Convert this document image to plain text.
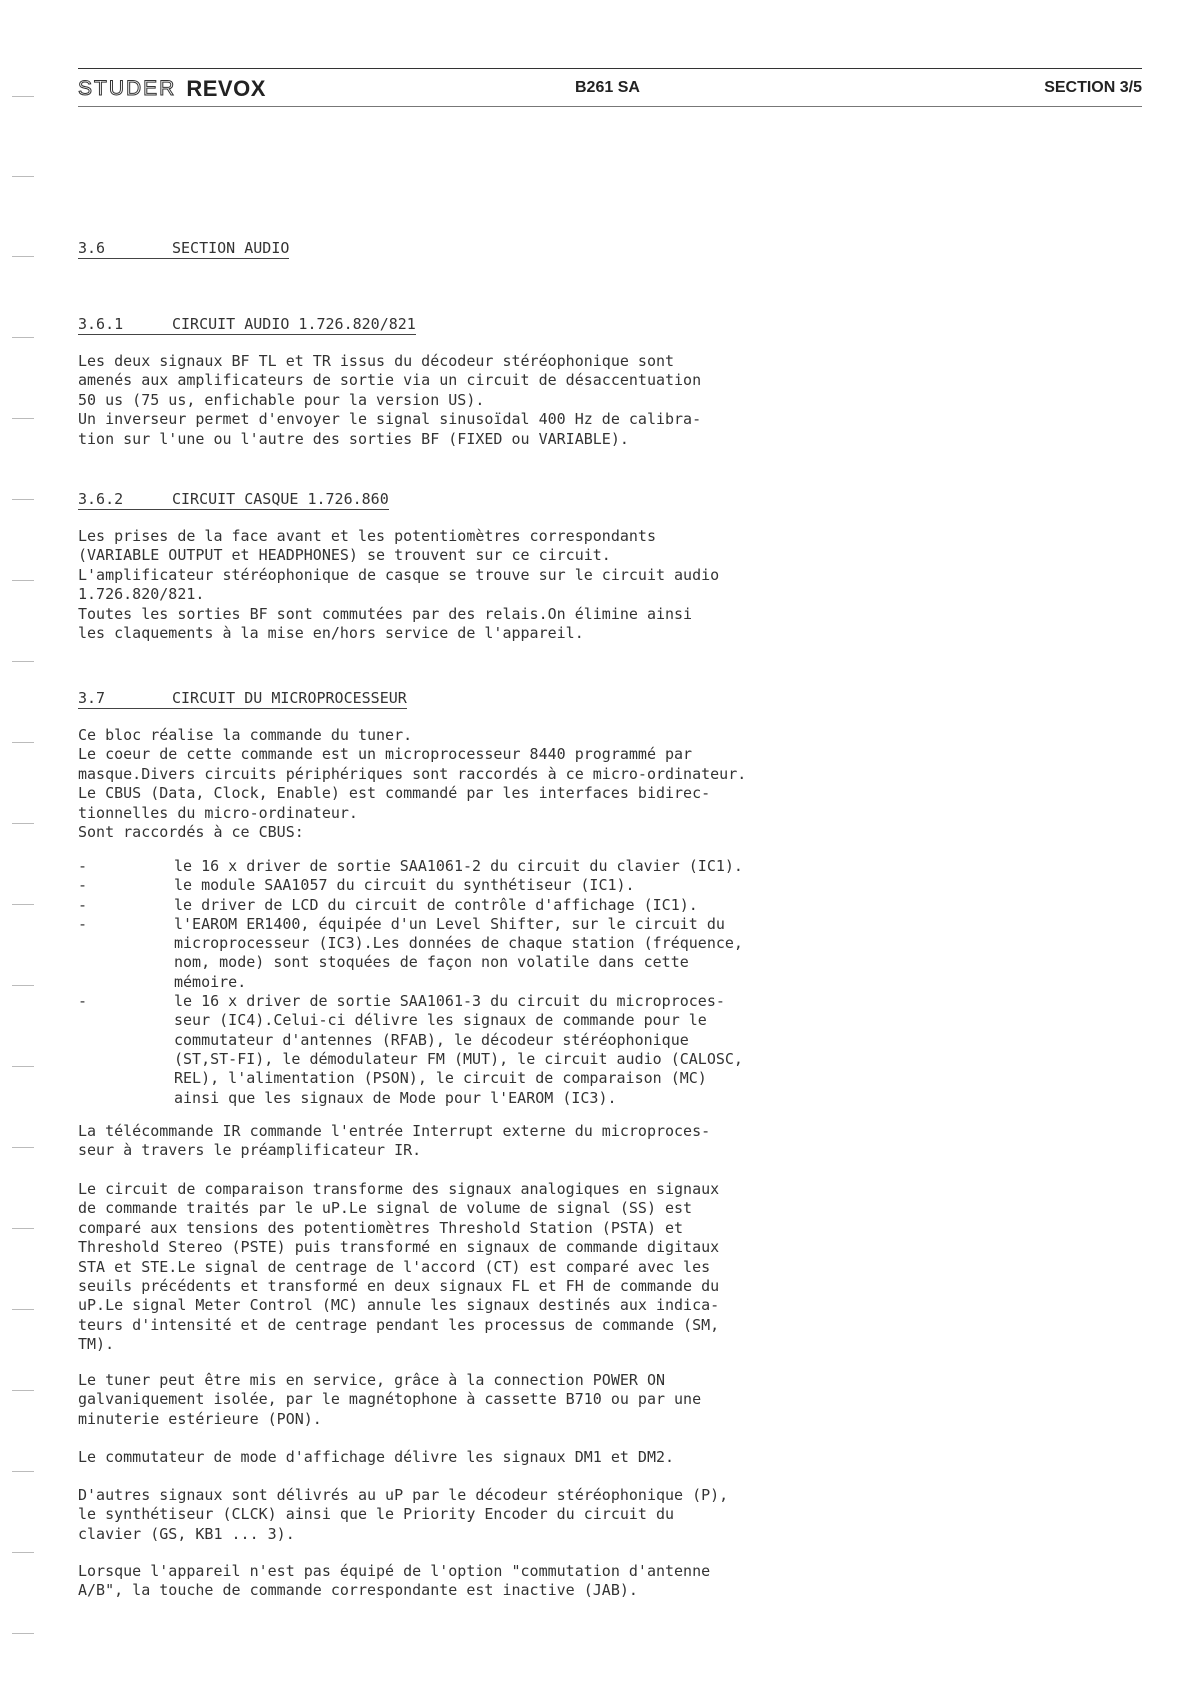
STUDER REVOX	B261 SA	SECTION 3/5
3.6	SECTION AUDIO
3.6.1	CIRCUIT AUDIO 1.726.820/821

Les deux signaux BF TL et TR issus du décodeur stéréophonique sont
amenés aux amplificateurs de sortie via un circuit de désaccentuation
50 us (75 us, enfichable pour la version US).
Un inverseur permet d'envoyer le signal sinusoïdal 400 Hz de calibra-
tion sur l'une ou l'autre des sorties BF (FIXED ou VARIABLE).

3.6.2	CIRCUIT CASQUE 1.726.860

Les prises de la face avant et les potentiomètres correspondants
(VARIABLE OUTPUT et HEADPHONES) se trouvent sur ce circuit.
L'amplificateur stéréophonique de casque se trouve sur le circuit audio
1.726.820/821.
Toutes les sorties BF sont commutées par des relais.On élimine ainsi
les claquements à la mise en/hors service de l'appareil.

3.7	CIRCUIT DU MICROPROCESSEUR

Ce bloc réalise la commande du tuner.
Le coeur de cette commande est un microprocesseur 8440 programmé par
masque.Divers circuits périphériques sont raccordés à ce micro-ordinateur.
Le CBUS (Data, Clock, Enable) est commandé par les interfaces bidirec-
tionnelles du micro-ordinateur.
Sont raccordés à ce CBUS:

-	le 16 x driver de sortie SAA1061-2 du circuit du clavier (IC1).
-	le module SAA1057 du circuit du synthétiseur (IC1).
-	le driver de LCD du circuit de contrôle d'affichage (IC1).
-	l'EAROM ER1400, équipée d'un Level Shifter, sur le circuit du
microprocesseur (IC3).Les données de chaque station (fréquence,
nom, mode) sont stoquées de façon non volatile dans cette
mémoire.
-	le 16 x driver de sortie SAA1061-3 du circuit du microproces-
seur (IC4).Celui-ci délivre les signaux de commande pour le
commutateur d'antennes (RFAB), le décodeur stéréophonique
(ST,ST-FI), le démodulateur FM (MUT), le circuit audio (CALOSC,
REL), l'alimentation (PSON), le circuit de comparaison (MC)
ainsi que les signaux de Mode pour l'EAROM (IC3).

La télécommande IR commande l'entrée Interrupt externe du microproces-
seur à travers le préamplificateur IR.

Le circuit de comparaison transforme des signaux analogiques en signaux
de commande traités par le uP.Le signal de volume de signal (SS) est
comparé aux tensions des potentiomètres Threshold Station (PSTA) et
Threshold Stereo (PSTE) puis transformé en signaux de commande digitaux
STA et STE.Le signal de centrage de l'accord (CT) est comparé avec les
seuils précédents et transformé en deux signaux FL et FH de commande du
uP.Le signal Meter Control (MC) annule les signaux destinés aux indica-
teurs d'intensité et de centrage pendant les processus de commande (SM,
TM).

Le tuner peut être mis en service, grâce à la connection POWER ON
galvaniquement isolée, par le magnétophone à cassette B710 ou par une
minuterie estérieure (PON).

Le commutateur de mode d'affichage délivre les signaux DM1 et DM2.

D'autres signaux sont délivrés au uP par le décodeur stéréophonique (P),
le synthétiseur (CLCK) ainsi que le Priority Encoder du circuit du
clavier (GS, KB1 ... 3).

Lorsque l'appareil n'est pas équipé de l'option "commutation d'antenne
A/B", la touche de commande correspondante est inactive (JAB).
